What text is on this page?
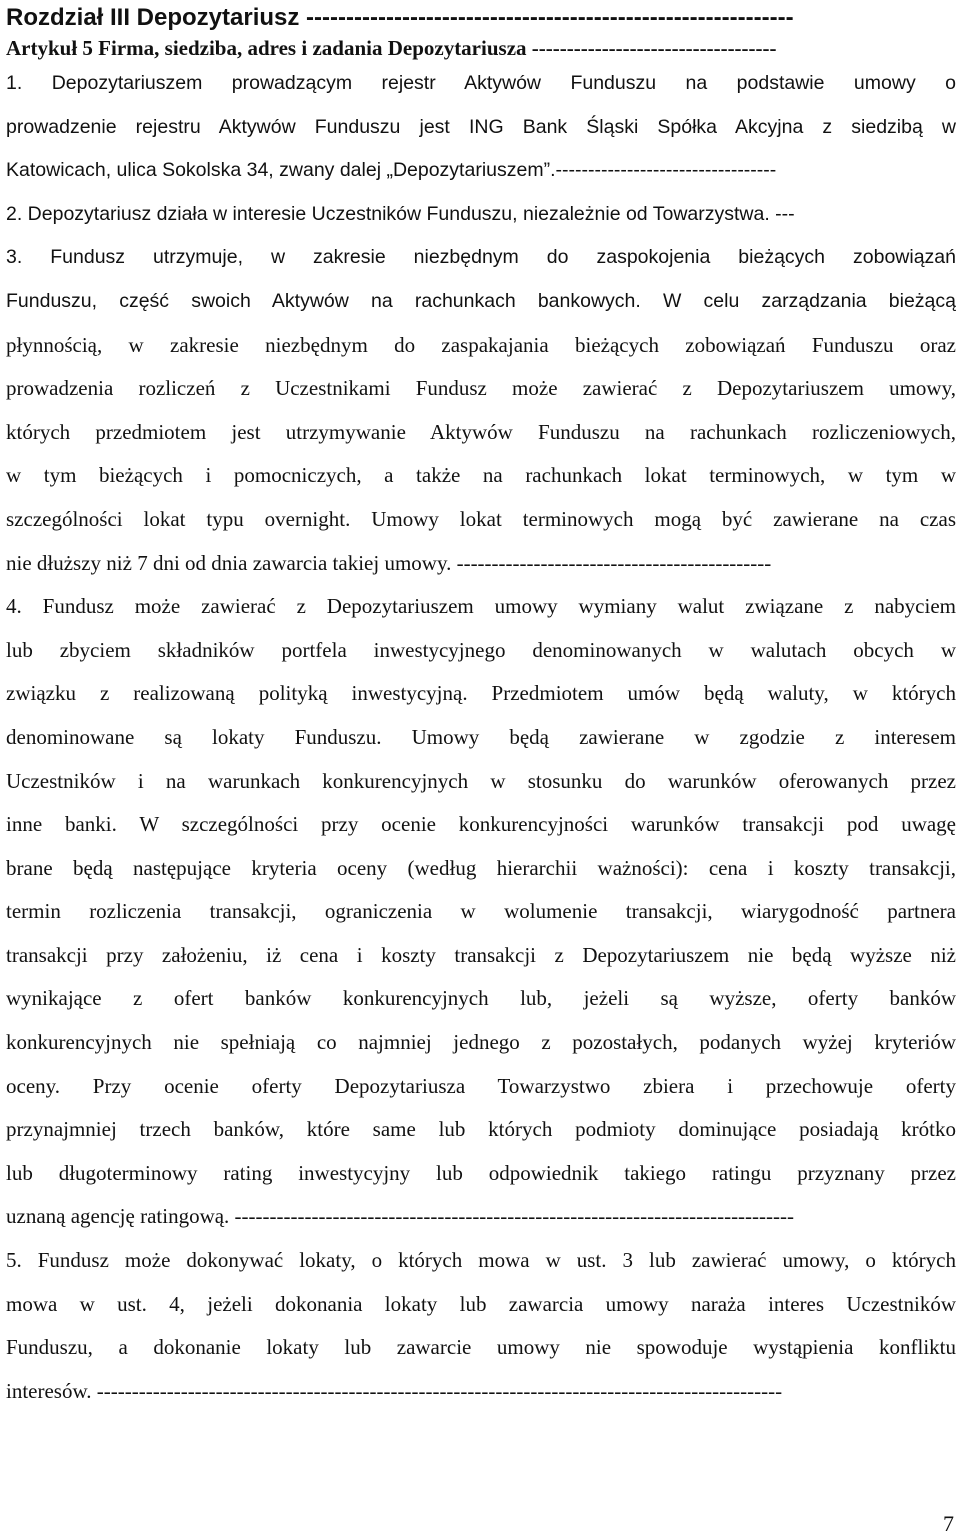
Rozdział III Depozytariusz -------------------------------------------------------------
Artykuł 5 Firma, siedziba, adres i zadania Depozytariusza -----------------------------------
1. Depozytariuszem prowadzącym rejestr Aktywów Funduszu na podstawie umowy o
prowadzenie rejestru Aktywów Funduszu jest ING Bank Śląski Spółka Akcyjna z siedzibą w
Katowicach, ulica Sokolska 34, zwany dalej „Depozytariuszem”.----------------------------------
2. Depozytariusz działa w interesie Uczestników Funduszu, niezależnie od Towarzystwa. ---
3. Fundusz utrzymuje, w zakresie niezbędnym do zaspokojenia bieżących zobowiązań
Funduszu, część swoich Aktywów na rachunkach bankowych. W celu zarządzania bieżącą
płynnością, w zakresie niezbędnym do zaspakajania bieżących zobowiązań Funduszu oraz
prowadzenia rozliczeń z Uczestnikami Fundusz może zawierać z Depozytariuszem umowy,
których przedmiotem jest utrzymywanie Aktywów Funduszu na rachunkach rozliczeniowych,
w tym bieżących i pomocniczych, a także na rachunkach lokat terminowych, w tym w
szczególności lokat typu overnight. Umowy lokat terminowych mogą być zawierane na czas
nie dłuższy niż 7 dni od dnia zawarcia takiej umowy. ---------------------------------------------
4. Fundusz może zawierać z Depozytariuszem umowy wymiany walut związane z nabyciem
lub zbyciem składników portfela inwestycyjnego denominowanych w walutach obcych w
związku z realizowaną polityką inwestycyjną. Przedmiotem umów będą waluty, w których
denominowane są lokaty Funduszu. Umowy będą zawierane w zgodzie z interesem
Uczestników i na warunkach konkurencyjnych w stosunku do warunków oferowanych przez
inne banki. W szczególności przy ocenie konkurencyjności warunków transakcji pod uwagę
brane będą następujące kryteria oceny (według hierarchii ważności): cena i koszty transakcji,
termin rozliczenia transakcji, ograniczenia w wolumenie transakcji, wiarygodność partnera
transakcji przy założeniu, iż cena i koszty transakcji z Depozytariuszem nie będą wyższe niż
wynikające z ofert banków konkurencyjnych lub, jeżeli są wyższe, oferty banków
konkurencyjnych nie spełniają co najmniej jednego z pozostałych, podanych wyżej kryteriów
oceny. Przy ocenie oferty Depozytariusza Towarzystwo zbiera i przechowuje oferty
przynajmniej trzech banków, które same lub których podmioty dominujące posiadają krótko
lub długoterminowy rating inwestycyjny lub odpowiednik takiego ratingu przyznany przez
uznaną agencję ratingową. --------------------------------------------------------------------------------
5. Fundusz może dokonywać lokaty, o których mowa w ust. 3 lub zawierać umowy, o których
mowa w ust. 4, jeżeli dokonania lokaty lub zawarcia umowy naraża interes Uczestników
Funduszu, a dokonanie lokaty lub zawarcie umowy nie spowoduje wystąpienia konfliktu
interesów. --------------------------------------------------------------------------------------------------
7
